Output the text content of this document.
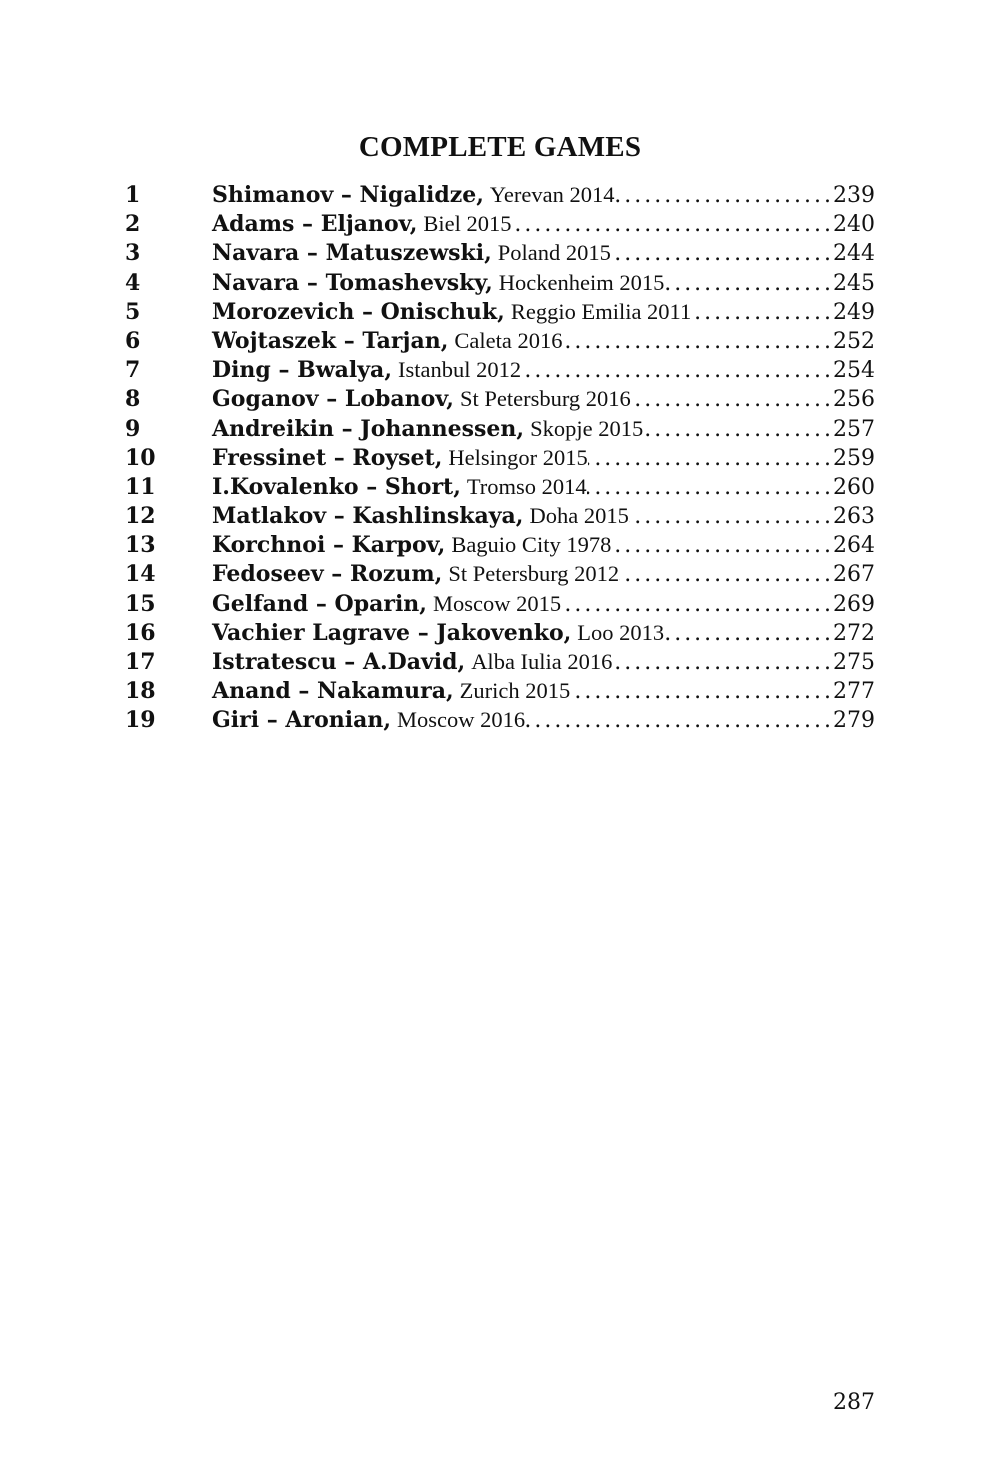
COMPLETE GAMES
1	Shimanov – Nigalidze, Yerevan 2014 . . .	239
2	Adams – Eljanov, Biel 2015 . . .	240
3	Navara – Matuszewski, Poland 2015 . . .	244
4	Navara – Tomashevsky, Hockenheim 2015 . . .	245
5	Morozevich – Onischuk, Reggio Emilia 2011 . . .	249
6	Wojtaszek – Tarjan, Caleta 2016 . . .	252
7	Ding – Bwalya, Istanbul 2012 . . .	254
8	Goganov – Lobanov, St Petersburg 2016 . . .	256
9	Andreikin – Johannessen, Skopje 2015 . . .	257
10	Fressinet – Royset, Helsingor 2015 . . .	259
11	I.Kovalenko – Short, Tromso 2014 . . .	260
12	Matlakov – Kashlinskaya, Doha 2015 . . .	263
13	Korchnoi – Karpov, Baguio City 1978 . . .	264
14	Fedoseev – Rozum, St Petersburg 2012 . . .	267
15	Gelfand – Oparin, Moscow 2015 . . .	269
16	Vachier Lagrave – Jakovenko, Loo 2013 . . .	272
17	Istratescu – A.David, Alba Iulia 2016 . . .	275
18	Anand – Nakamura, Zurich 2015 . . .	277
19	Giri – Aronian, Moscow 2016 . . .	279
287
